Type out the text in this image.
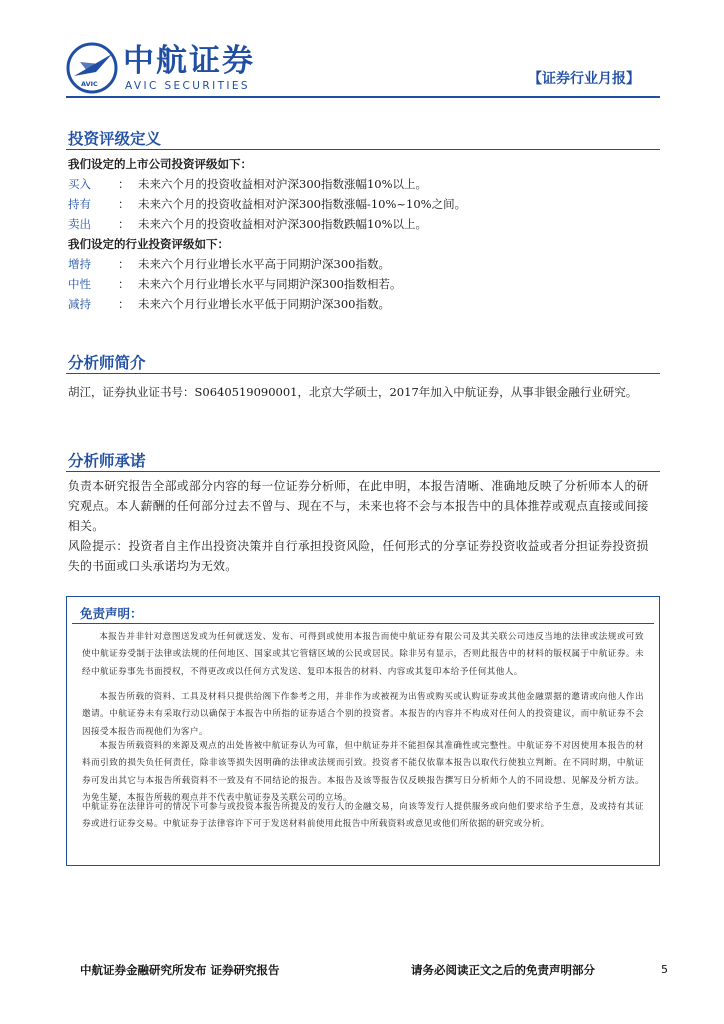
AVIC
中航证券
AVIC SECURITIES	【证券行业月报】
投资评级定义
我们设定的上市公司投资评级如下：
买入	： 未来六个月的投资收益相对沪深300指数涨幅10%以上。
持有	： 未来六个月的投资收益相对沪深300指数涨幅-10%~10%之间。
卖出	： 未来六个月的投资收益相对沪深300指数跌幅10%以上。
我们设定的行业投资评级如下：
增持	： 未来六个月行业增长水平高于同期沪深300指数。
中性	： 未来六个月行业增长水平与同期沪深300指数相若。
减持	： 未来六个月行业增长水平低于同期沪深300指数。
分析师简介
胡江，证券执业证书号：S0640519090001，北京大学硕士，2017年加入中航证券，从事非银金融行业研究。
分析师承诺
负责本研究报告全部或部分内容的每一位证券分析师，在此申明，本报告清晰、准确地反映了分析师本人的研究观点。本人薪酬的任何部分过去不曾与、现在不与，未来也将不会与本报告中的具体推荐或观点直接或间接相关。
风险提示：投资者自主作出投资决策并自行承担投资风险，任何形式的分享证券投资收益或者分担证券投资损失的书面或口头承诺均为无效。
免责声明：
本报告并非针对意图送发或为任何就送发、发布、可得到或使用本报告而使中航证券有限公司及其关联公司违反当地的法律或法规或可致使中航证券受制于法律或法规的任何地区、国家或其它管辖区域的公民或居民。除非另有显示，否则此报告中的材料的版权属于中航证券。未经中航证券事先书面授权，不得更改或以任何方式发送、复印本报告的材料、内容或其复印本给予任何其他人。
本报告所载的资料、工具及材料只提供给阁下作参考之用，并非作为或被视为出售或购买或认购证券或其他金融票据的邀请或向他人作出邀请。中航证券未有采取行动以确保于本报告中所指的证券适合个别的投资者。本报告的内容并不构成对任何人的投资建议，而中航证券不会因接受本报告而视他们为客户。
本报告所载资料的来源及观点的出处皆被中航证券认为可靠，但中航证券并不能担保其准确性或完整性。中航证券不对因使用本报告的材料而引致的损失负任何责任，除非该等损失因明确的法律或法规而引致。投资者不能仅依靠本报告以取代行使独立判断。在不同时期，中航证券可发出其它与本报告所载资料不一致及有不同结论的报告。本报告及该等报告仅反映报告撰写日分析师个人的不同设想、见解及分析方法。为免生疑，本报告所载的观点并不代表中航证券及关联公司的立场。
中航证券在法律许可的情况下可参与或投资本报告所提及的发行人的金融交易，向该等发行人提供服务或向他们要求给予生意，及或持有其证券或进行证券交易。中航证券于法律容许下可于发送材料前使用此报告中所载资料或意见或他们所依据的研究或分析。
中航证券金融研究所发布 证券研究报告	请务必阅读正文之后的免责声明部分	5
